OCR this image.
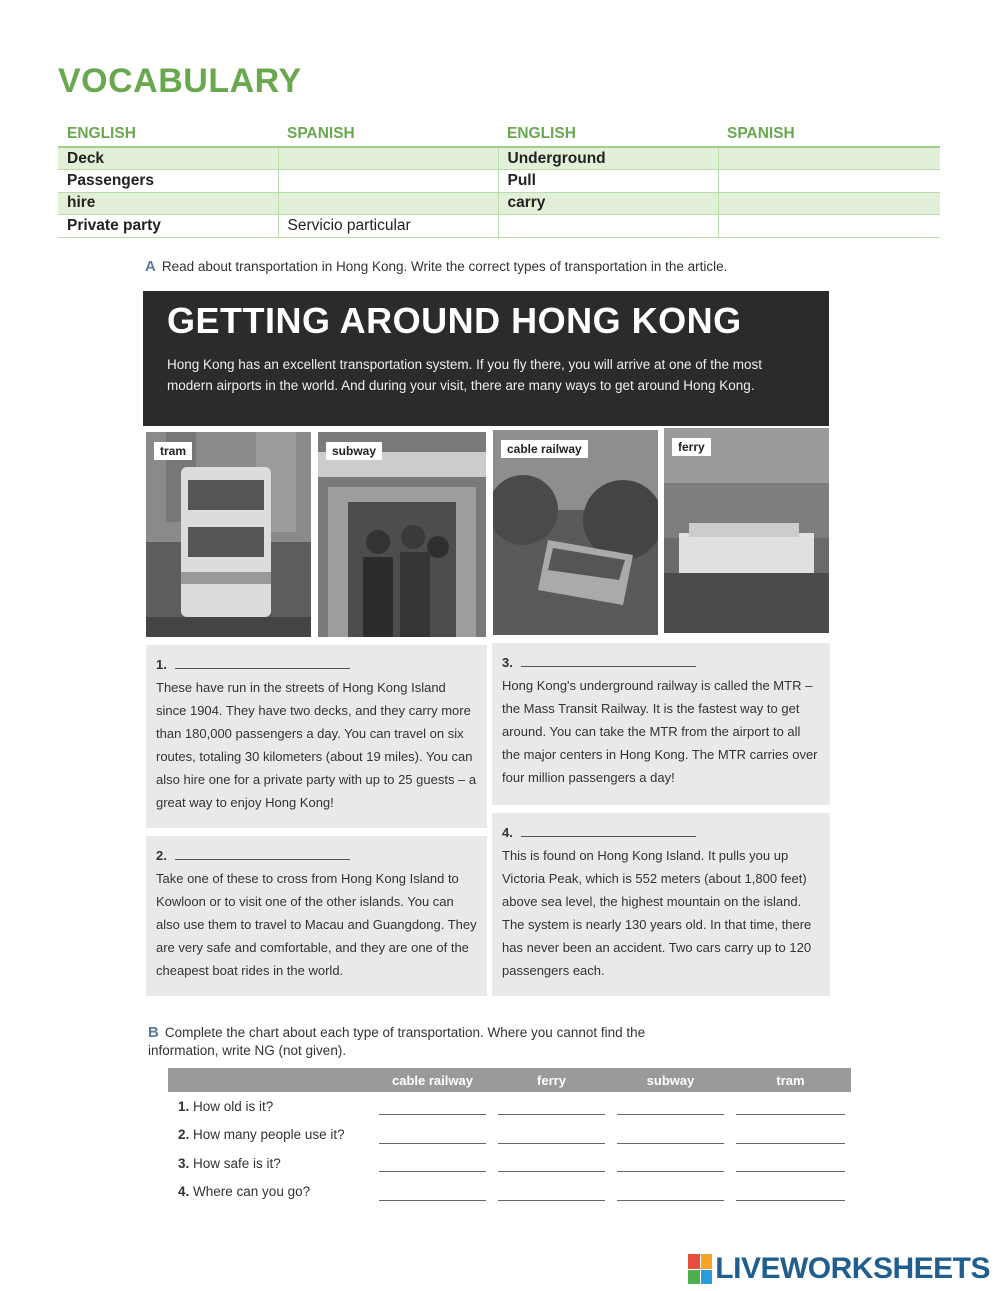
VOCABULARY
ENGLISH	SPANISH	ENGLISH	SPANISH
Deck		Underground	
Passengers		Pull	
hire		carry	
Private party	Servicio particular		
A Read about transportation in Hong Kong. Write the correct types of transportation in the article.
GETTING AROUND HONG KONG
Hong Kong has an excellent transportation system. If you fly there, you will arrive at one of the most modern airports in the world. And during your visit, there are many ways to get around Hong Kong.
tram	subway	cable railway	ferry
1.
These have run in the streets of Hong Kong Island since 1904. They have two decks, and they carry more than 180,000 passengers a day. You can travel on six routes, totaling 30 kilometers (about 19 miles). You can also hire one for a private party with up to 25 guests – a great way to enjoy Hong Kong!
2.
Take one of these to cross from Hong Kong Island to Kowloon or to visit one of the other islands. You can also use them to travel to Macau and Guangdong. They are very safe and comfortable, and they are one of the cheapest boat rides in the world.
3.
Hong Kong's underground railway is called the MTR – the Mass Transit Railway. It is the fastest way to get around. You can take the MTR from the airport to all the major centers in Hong Kong. The MTR carries over four million passengers a day!
4.
This is found on Hong Kong Island. It pulls you up Victoria Peak, which is 552 meters (about 1,800 feet) above sea level, the highest mountain on the island. The system is nearly 130 years old. In that time, there has never been an accident. Two cars carry up to 120 passengers each.
B Complete the chart about each type of transportation. Where you cannot find the information, write NG (not given).
	cable railway	ferry	subway	tram
1. How old is it?	

2. How many people use it?	

3. How safe is it?	

4. Where can you go?	

LIVEWORKSHEETS
